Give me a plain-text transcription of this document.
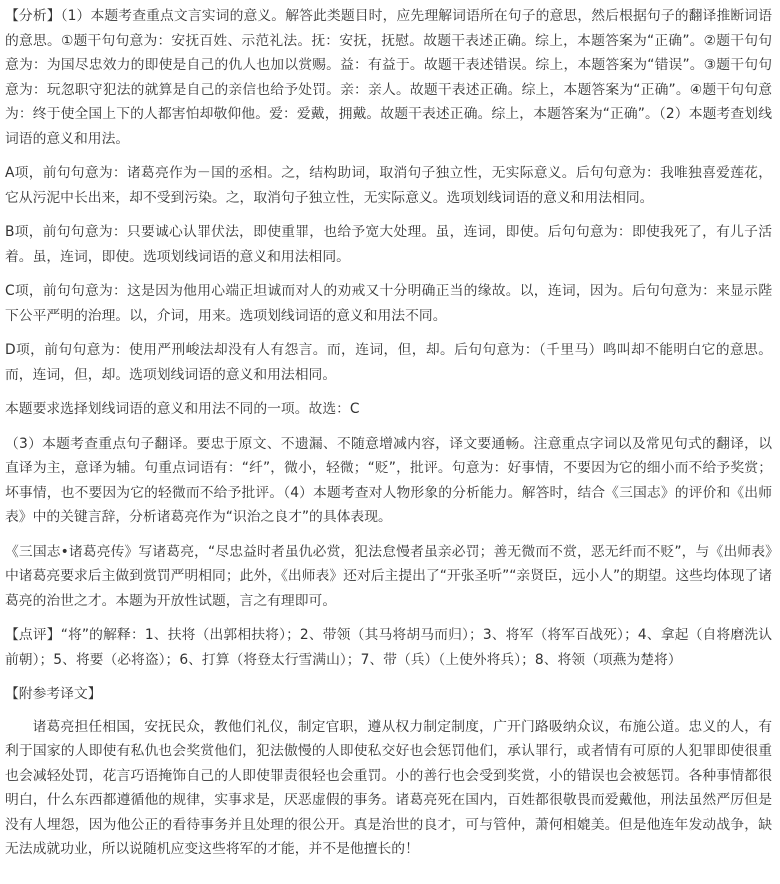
【分析】（1）本题考查重点文言实词的意义。解答此类题目时，应先理解词语所在句子的意思，然后根据句子的翻译推断词语的意思。①题干句句意为：安抚百姓、示范礼法。抚：安抚，抚慰。故题干表述正确。综上，本题答案为“正确”。②题干句句意为：为国尽忠效力的即使是自己的仇人也加以赏赐。益：有益于。故题干表述错误。综上，本题答案为“错误”。③题干句句意为：玩忽职守犯法的就算是自己的亲信也给予处罚。亲：亲人。故题干表述正确。综上，本题答案为“正确”。④题干句句意为：终于使全国上下的人都害怕却敬仰他。爱：爱戴，拥戴。故题干表述正确。综上，本题答案为“正确”。（2）本题考查划线词语的意义和用法。

A项，前句句意为：诸葛亮作为－国的丞相。之，结构助词，取消句子独立性，无实际意义。后句句意为：我唯独喜爱莲花，它从污泥中长出来，却不受到污染。之，取消句子独立性，无实际意义。选项划线词语的意义和用法相同。

B项，前句句意为：只要诚心认罪伏法，即使重罪，也给予宽大处理。虽，连词，即使。后句句意为：即使我死了，有儿子活着。虽，连词，即使。选项划线词语的意义和用法相同。

C项，前句句意为：这是因为他用心端正坦诚而对人的劝戒又十分明确正当的缘故。以，连词，因为。后句句意为：来显示陛下公平严明的治理。以，介词，用来。选项划线词语的意义和用法不同。

D项，前句句意为：使用严刑峻法却没有人有怨言。而，连词，但，却。后句句意为：（千里马）鸣叫却不能明白它的意思。而，连词，但，却。选项划线词语的意义和用法相同。

本题要求选择划线词语的意义和用法不同的一项。故选：C

（3）本题考查重点句子翻译。要忠于原文、不遗漏、不随意增减内容，译文要通畅。注意重点字词以及常见句式的翻译，以直译为主，意译为辅。句重点词语有：“纤”，微小，轻微；“贬”，批评。句意为：好事情，不要因为它的细小而不给予奖赏；坏事情，也不要因为它的轻微而不给予批评。（4）本题考查对人物形象的分析能力。解答时，结合《三国志》的评价和《出师表》中的关键言辞，分析诸葛亮作为“识治之良才”的具体表现。

《三国志•诸葛亮传》写诸葛亮，“尽忠益时者虽仇必赏，犯法怠慢者虽亲必罚；善无微而不赏，恶无纤而不贬”，与《出师表》中诸葛亮要求后主做到赏罚严明相同；此外，《出师表》还对后主提出了“开张圣听”“亲贤臣，远小人”的期望。这些均体现了诸葛亮的治世之才。本题为开放性试题，言之有理即可。

【点评】“将”的解释：1、扶将（出郭相扶将）；2、带领（其马将胡马而归）；3、将军（将军百战死）；4、拿起（自将磨洗认前朝）；5、将要（必将盗）；6、打算（将登太行雪满山）；7、带（兵）（上使外将兵）；8、将领（项燕为楚将）

【附参考译文】

诸葛亮担任相国，安抚民众，教他们礼仪，制定官职，遵从权力制定制度，广开门路吸纳众议，布施公道。忠义的人，有利于国家的人即使有私仇也会奖赏他们，犯法傲慢的人即使私交好也会惩罚他们，承认罪行，或者情有可原的人犯罪即使很重也会减轻处罚，花言巧语掩饰自己的人即使罪责很轻也会重罚。小的善行也会受到奖赏，小的错误也会被惩罚。各种事情都很明白，什么东西都遵循他的规律，实事求是，厌恶虚假的事务。诸葛亮死在国内，百姓都很敬畏而爱戴他，刑法虽然严厉但是没有人埋怨，因为他公正的看待事务并且处理的很公开。真是治世的良才，可与管仲，萧何相媲美。但是他连年发动战争，缺无法成就功业，所以说随机应变这些将军的才能，并不是他擅长的！
